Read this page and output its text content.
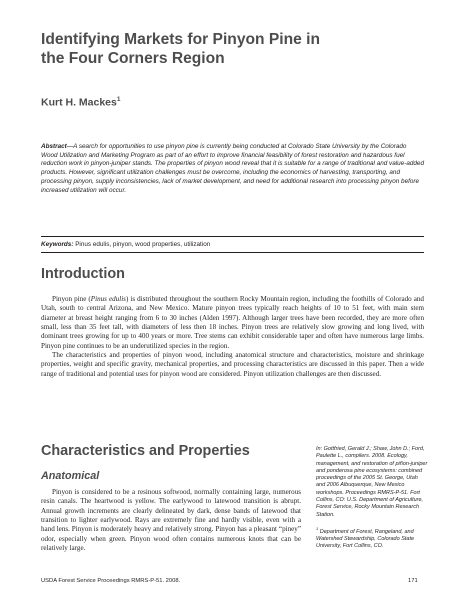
Identifying Markets for Pinyon Pine in the Four Corners Region
Kurt H. Mackes$^1$

Abstract—A search for opportunities to use pinyon pine is currently being conducted at Colorado State University by the Colorado Wood Utilization and Marketing Program as part of an effort to improve financial feasibility of forest restoration and hazardous fuel reduction work in pinyon-juniper stands. The properties of pinyon wood reveal that it is suitable for a range of traditional and value-added products. However, significant utilization challenges must be overcome, including the economics of harvesting, transporting, and processing pinyon, supply inconsistencies, lack of market development, and need for additional research into processing pinyon before increased utilization will occur.

Keywords: Pinus edulis, pinyon, wood properties, utilization
Introduction

Pinyon pine (Pinus edulis) is distributed throughout the southern Rocky Mountain region, including the foothills of Colorado and Utah, south to central Arizona, and New Mexico. Mature pinyon trees typically reach heights of 10 to 51 feet, with main stem diameter at breast height ranging from 6 to 30 inches (Alden 1997). Although larger trees have been recorded, they are more often small, less than 35 feet tall, with diameters of less then 18 inches. Pinyon trees are relatively slow growing and long lived, with dominant trees growing for up to 400 years or more. Tree stems can exhibit considerable taper and often have numerous large limbs. Pinyon pine continues to be an underutilized species in the region.

The characteristics and properties of pinyon wood, including anatomical structure and characteristics, moisture and shrinkage properties, weight and specific gravity, mechanical properties, and processing characteristics are discussed in this paper. Then a wide range of traditional and potential uses for pinyon wood are considered. Pinyon utilization challenges are then discussed.

Characteristics and Properties
Anatomical

Pinyon is considered to be a resinous softwood, normally containing large, numerous resin canals. The heartwood is yellow. The earlywood to latewood transition is abrupt. Annual growth increments are clearly delineated by dark, dense bands of latewood that transition to lighter earlywood. Rays are extremely fine and hardly visible, even with a hand lens. Pinyon is moderately heavy and relatively strong. Pinyon has a pleasant “piney” odor, especially when green. Pinyon wood often contains numerous knots that can be relatively large.

In: Gottfried, Gerald J.; Shaw, John D.; Ford, Paulette L., compilers. 2008. Ecology, management, and restoration of piñon-juniper and ponderosa pine ecosystems: combined proceedings of the 2005 St. George, Utah and 2006 Albuquerque, New Mexico workshops. Proceedings RMRS-P-51. Fort Collins, CO: U.S. Department of Agriculture, Forest Service, Rocky Mountain Research Station.

$^1$ Department of Forest, Rangeland, and Watershed Stewardship, Colorado State University, Fort Collins, CO.

USDA Forest Service Proceedings RMRS-P-51. 2008.	171
